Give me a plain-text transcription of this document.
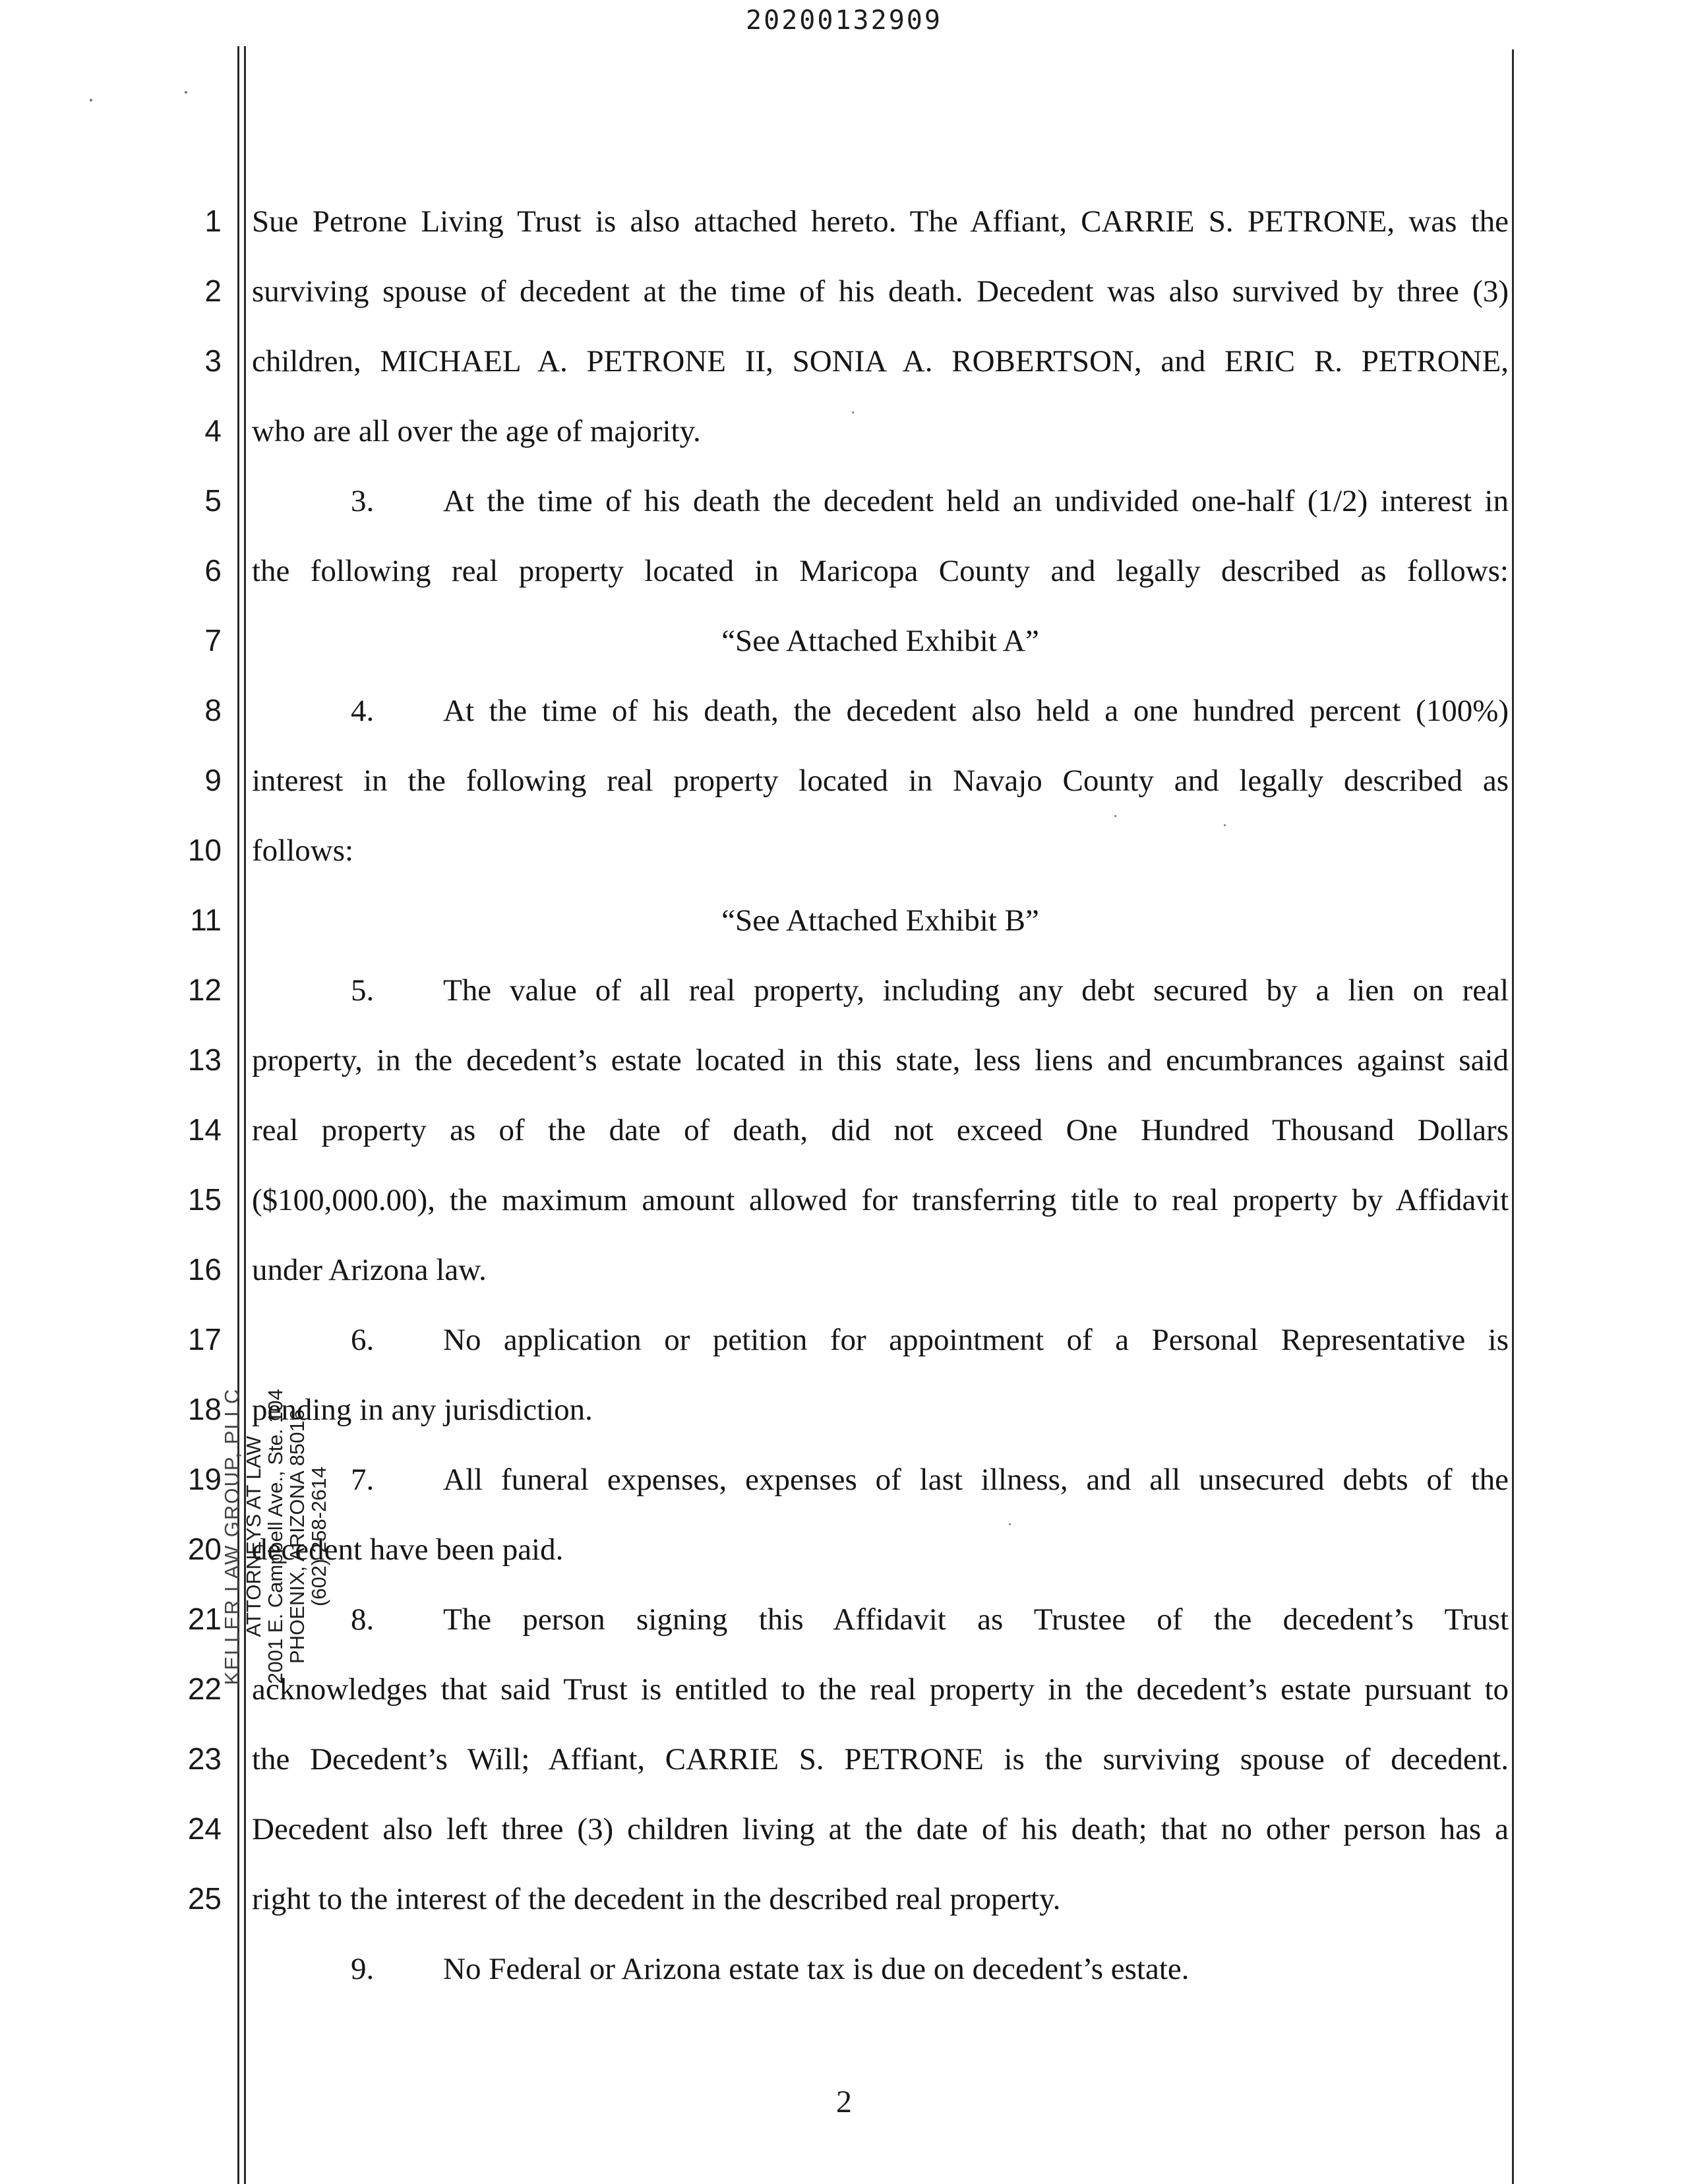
20200132909
1
2
3
4
5
6
7
8
9
10
11
12
13
14
15
16
17
18
19
20
21
22
23
24
25
Sue Petrone Living Trust is also attached hereto. The Affiant, CARRIE S. PETRONE, was the
surviving spouse of decedent at the time of his death. Decedent was also survived by three (3)
children, MICHAEL A. PETRONE II, SONIA A. ROBERTSON, and ERIC R. PETRONE,
who are all over the age of majority.
3. At the time of his death the decedent held an undivided one-half (1/2) interest in
the following real property located in Maricopa County and legally described as follows:
“See Attached Exhibit A”
4. At the time of his death, the decedent also held a one hundred percent (100%)
interest in the following real property located in Navajo County and legally described as
follows:
“See Attached Exhibit B”
5. The value of all real property, including any debt secured by a lien on real
property, in the decedent’s estate located in this state, less liens and encumbrances against said
real property as of the date of death, did not exceed One Hundred Thousand Dollars
($100,000.00), the maximum amount allowed for transferring title to real property by Affidavit
under Arizona law.
6. No application or petition for appointment of a Personal Representative is
pending in any jurisdiction.
7. All funeral expenses, expenses of last illness, and all unsecured debts of the
decedent have been paid.
8. The person signing this Affidavit as Trustee of the decedent’s Trust
acknowledges that said Trust is entitled to the real property in the decedent’s estate pursuant to
the Decedent’s Will; Affiant, CARRIE S. PETRONE is the surviving spouse of decedent.
Decedent also left three (3) children living at the date of his death; that no other person has a
right to the interest of the decedent in the described real property.
9. No Federal or Arizona estate tax is due on decedent’s estate.
KELLER LAW GROUP, PLLC
ATTORNEYS AT LAW
2001 E. Campbell Ave., Ste. 104
PHOENIX, ARIZONA 85016
(602) 258-2614
2
